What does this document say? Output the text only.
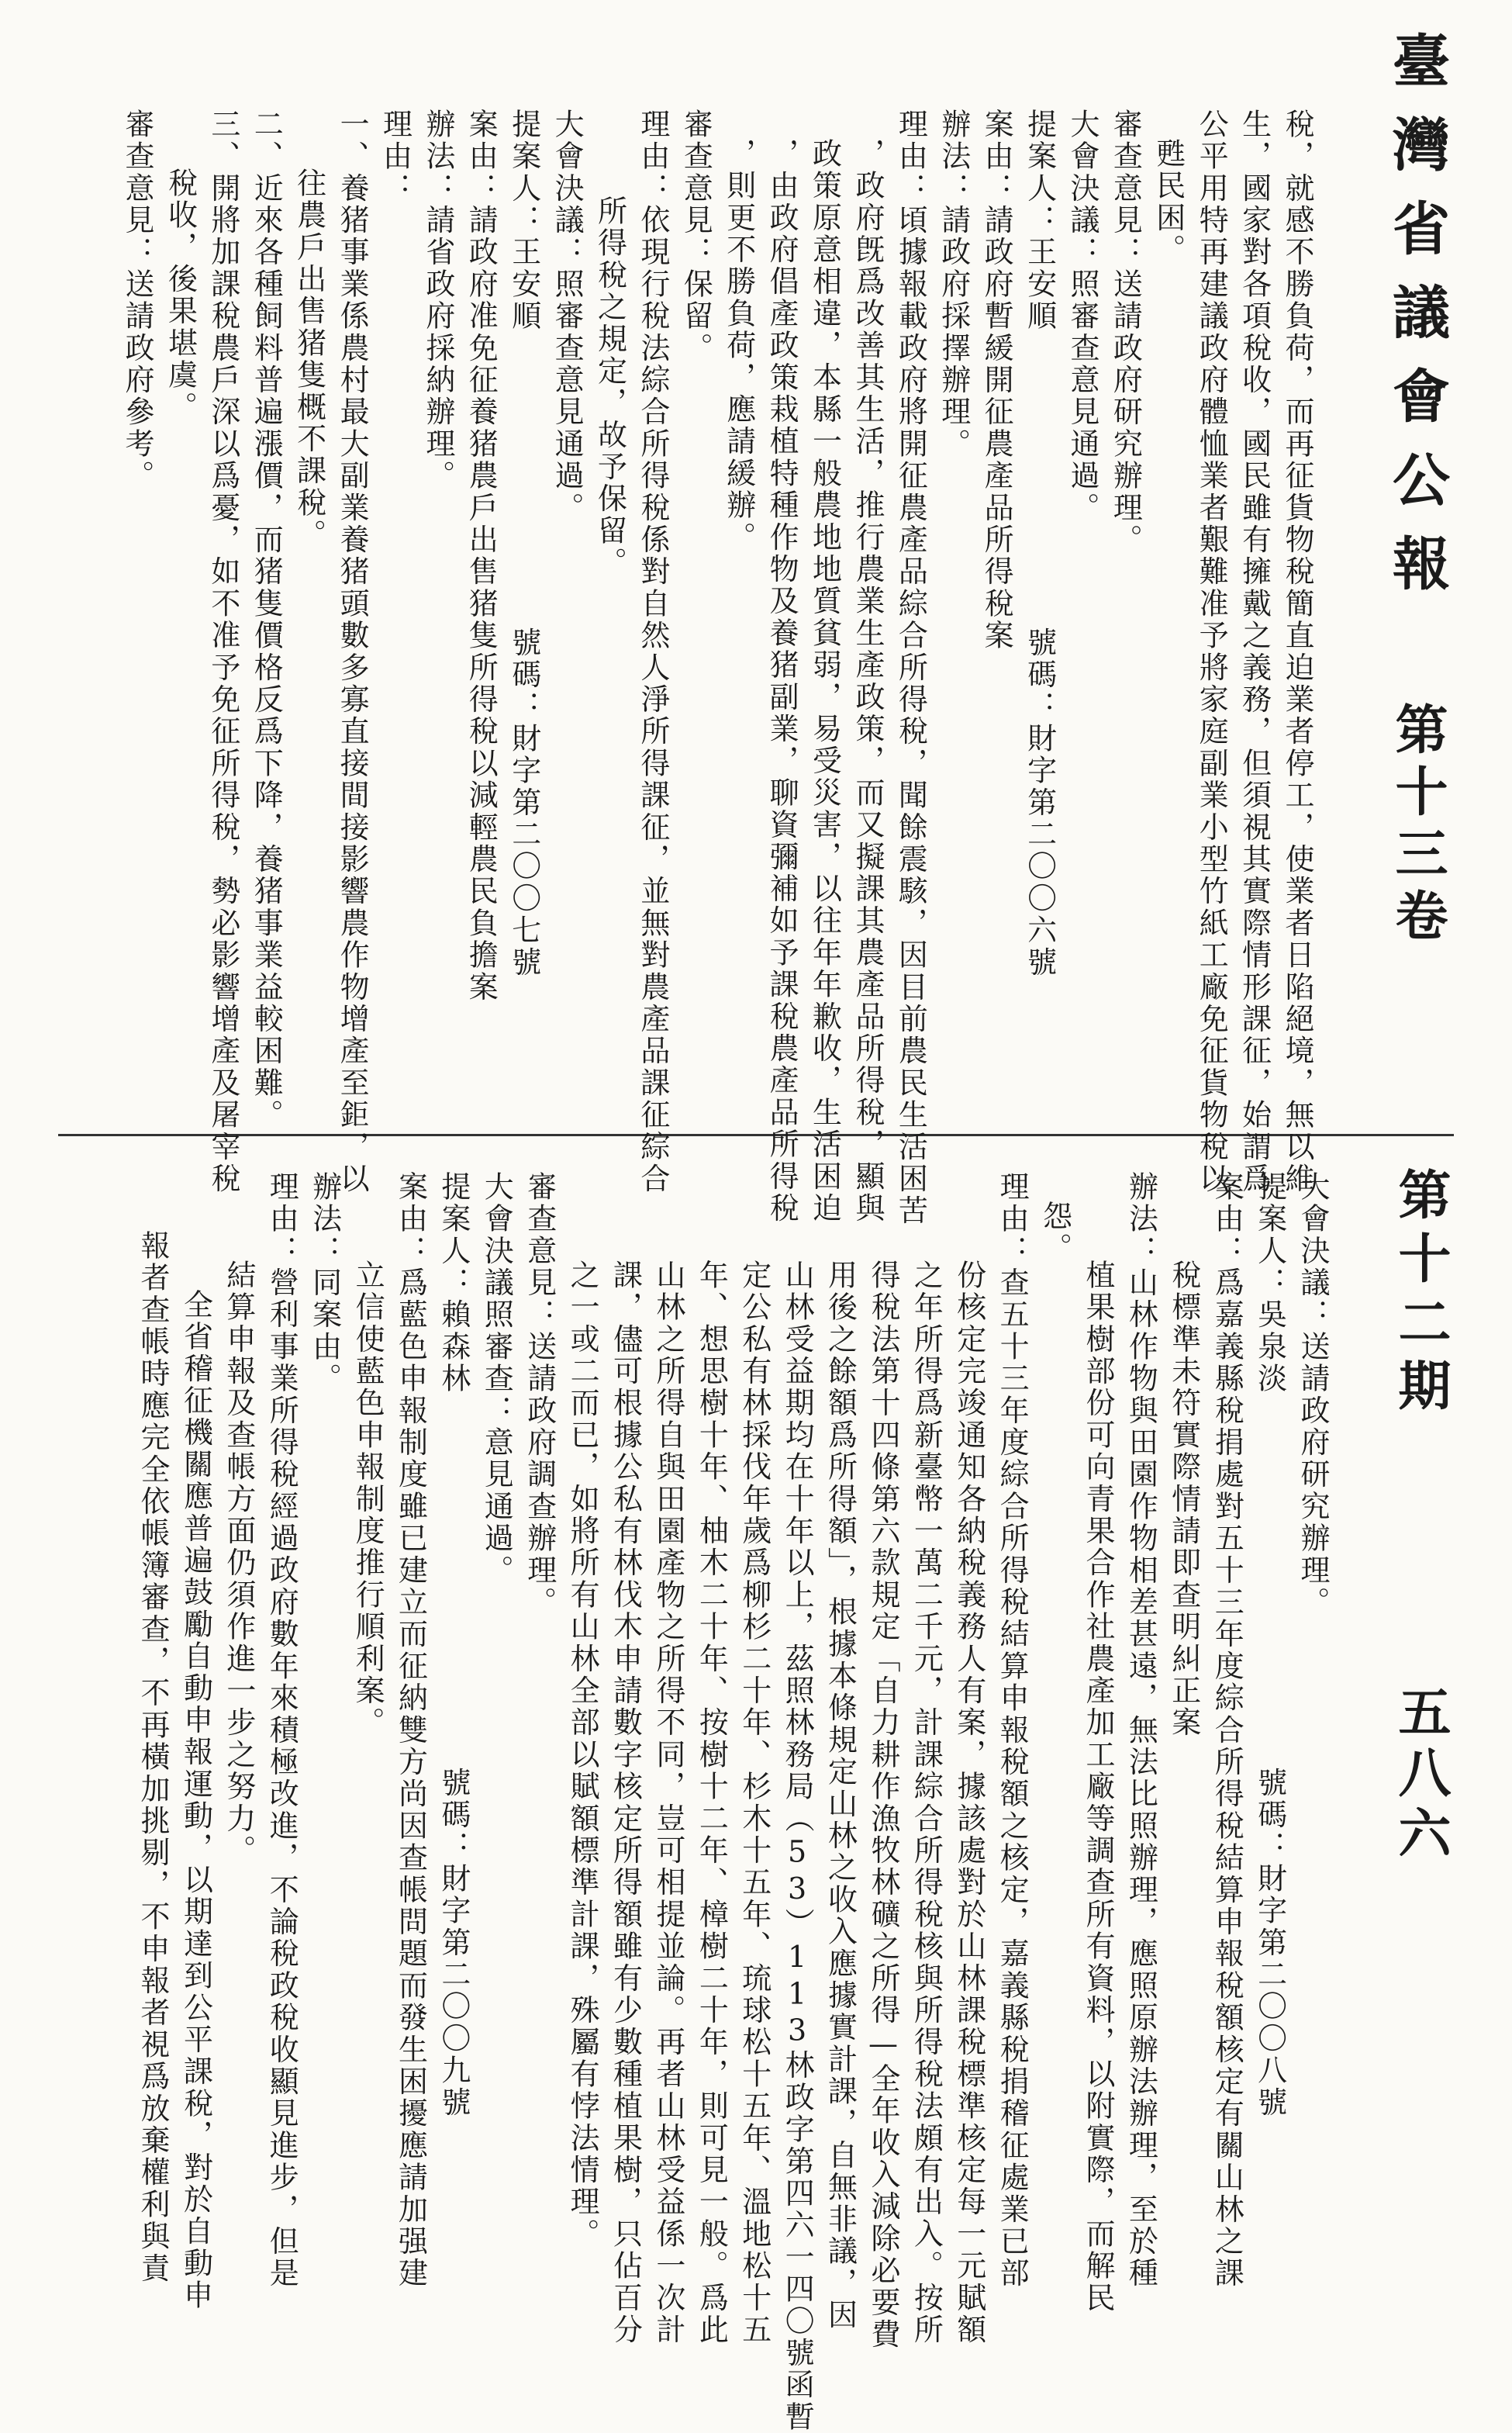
臺灣省議會公報 第十三卷
第十二期 五八六
稅，就感不勝負荷，而再征貨物稅簡直迫業者停工，使業者日陷絕境，無以維
生，國家對各項稅收，國民雖有擁戴之義務，但須視其實際情形課征，始謂爲
公平用特再建議政府體恤業者艱難准予將家庭副業小型竹紙工廠免征貨物稅以
甦民困。
審查意見：送請政府研究辦理。
大會決議：照審查意見通過。
提案人：王安順號碼：財字第二〇〇六號
案由：請政府暫緩開征農產品所得稅案
辦法：請政府採擇辦理。
理由：頃據報載政府將開征農產品綜合所得稅，聞餘震駭，因目前農民生活困苦
，政府旣爲改善其生活，推行農業生產政策，而又擬課其農產品所得稅，顯與
政策原意相違，本縣一般農地地質貧弱，易受災害，以往年年歉收，生活困迫
，由政府倡產政策栽植特種作物及養猪副業，聊資彌補如予課稅農產品所得稅
，則更不勝負荷，應請緩辦。
審查意見：保留。
理由：依現行稅法綜合所得稅係對自然人淨所得課征，並無對農產品課征綜合
所得稅之規定，故予保留。
大會決議：照審查意見通過。
提案人：王安順號碼：財字第二〇〇七號
案由：請政府准免征養猪農戶出售猪隻所得稅以減輕農民負擔案
辦法：請省政府採納辦理。
理由：
一、養猪事業係農村最大副業養猪頭數多寡直接間接影響農作物增產至鉅，以
往農戶出售猪隻概不課稅。
二、近來各種飼料普遍漲價，而猪隻價格反爲下降，養猪事業益較困難。
三、開將加課稅農戶深以爲憂，如不准予免征所得稅，勢必影響增產及屠宰稅
稅收，後果堪虞。
審查意見：送請政府參考。
大會決議：送請政府研究辦理。
提案人：吳泉淡號碼：財字第二〇〇八號
案由：爲嘉義縣稅捐處對五十三年度綜合所得稅結算申報稅額核定有關山林之課
稅標準未符實際情請即查明糾正案
辦法：山林作物與田園作物相差甚遠，無法比照辦理，應照原辦法辦理，至於種
植果樹部份可向青果合作社農產加工廠等調查所有資料，以附實際，而解民
怨。
理由：查五十三年度綜合所得稅結算申報稅額之核定，嘉義縣稅捐稽征處業已部
份核定完竣通知各納稅義務人有案，據該處對於山林課稅標準核定每一元賦額
之年所得爲新臺幣一萬二千元，計課綜合所得稅核與所得稅法頗有出入。按所
得稅法第十四條第六款規定「自力耕作漁牧林礦之所得—全年收入減除必要費
用後之餘額爲所得額」，根據本條規定山林之收入應據實計課，自無非議，因
山林受益期均在十年以上，茲照林務局（53）113林政字第四六一四〇號函暫
定公私有林採伐年歲爲柳杉二十年、杉木十五年、琉球松十五年、溫地松十五
年、想思樹十年、柚木二十年、按樹十二年、樟樹二十年，則可見一般。爲此
山林之所得自與田園產物之所得不同，豈可相提並論。再者山林受益係一次計
課，儘可根據公私有林伐木申請數字核定所得額雖有少數種植果樹，只佔百分
之一或二而已，如將所有山林全部以賦額標準計課，殊屬有悖法情理。
審查意見：送請政府調查辦理。
大會決議照審查：意見通過。
提案人：賴森林號碼：財字第二〇〇九號
案由：爲藍色申報制度雖已建立而征納雙方尚因查帳問題而發生困擾應請加强建
立信使藍色申報制度推行順利案。
辦法：同案由。
理由：營利事業所得稅經過政府數年來積極改進，不論稅政稅收顯見進步，但是
結算申報及查帳方面仍須作進一步之努力。
全省稽征機關應普遍鼓勵自動申報運動，以期達到公平課稅，對於自動申
報者查帳時應完全依帳簿審查，不再橫加挑剔，不申報者視爲放棄權利與責
